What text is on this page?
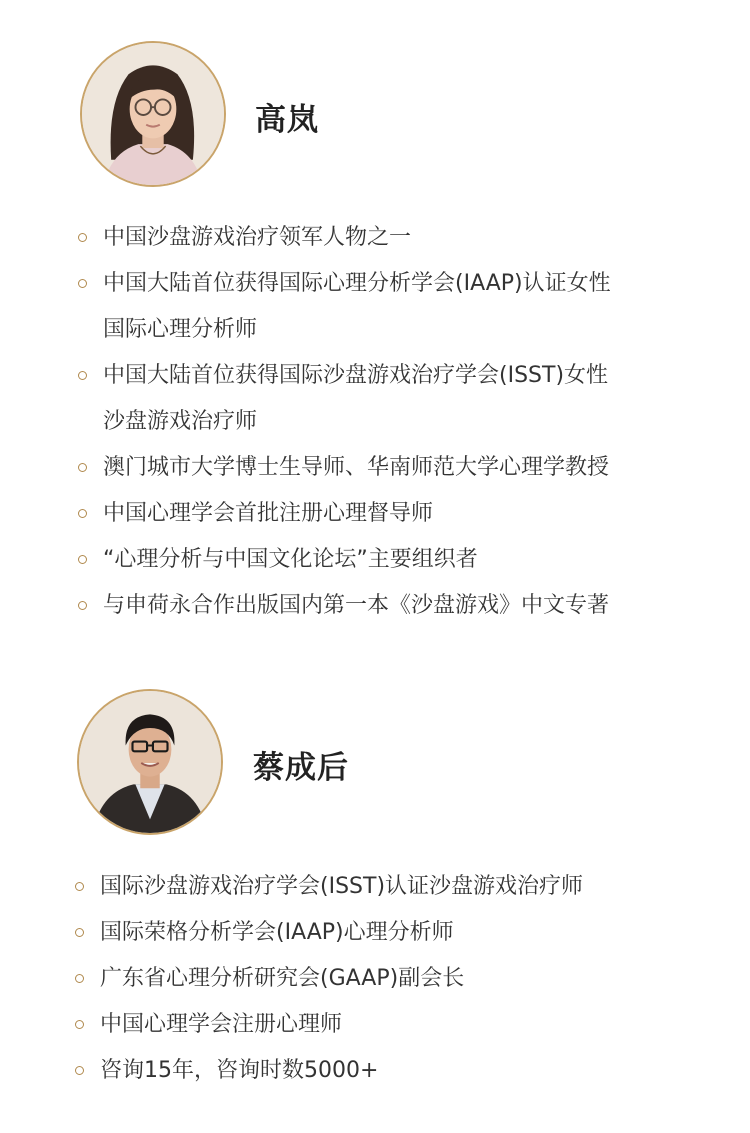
高岚
中国沙盘游戏治疗领军人物之一
中国大陆首位获得国际心理分析学会(IAAP)认证女性
国际心理分析师
中国大陆首位获得国际沙盘游戏治疗学会(ISST)女性
沙盘游戏治疗师
澳门城市大学博士生导师、华南师范大学心理学教授
中国心理学会首批注册心理督导师
“心理分析与中国文化论坛”主要组织者
与申荷永合作出版国内第一本《沙盘游戏》中文专著
蔡成后
国际沙盘游戏治疗学会(ISST)认证沙盘游戏治疗师
国际荣格分析学会(IAAP)心理分析师
广东省心理分析研究会(GAAP)副会长
中国心理学会注册心理师
咨询15年，咨询时数5000+
